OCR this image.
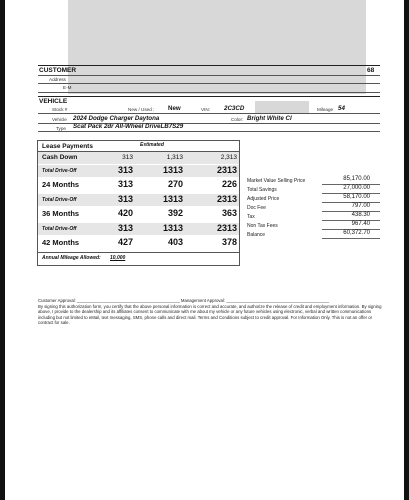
CUSTOMER	68
Address
E-M
VEHICLE
Stock #	New / Used : New	VIN: 2C3CD	Mileage 54
Vehicle 2024 Dodge Charger Daytona	Color: Bright White Cl
Type Scat Pack 2dr All-Wheel DriveLB7S29
Lease Payments	Estimated
Cash Down	313	1,313	2,313
Total Drive-Off	313	1313	2313
24 Months	313	270	226
Total Drive-Off	313	1313	2313
36 Months	420	392	363
Total Drive-Off	313	1313	2313
42 Months	427	403	378
Annual Mileage Allowed: 10,000
Market Value Selling Price	85,170.00
Total Savings	27,000.00
Adjusted Price	58,170.00
Doc Fee	797.00
Tax	438.30
Non Tax Fees	967.40
Balance	60,372.70
Customer Approval: ___________________________________________ Management Approval: ___________________________________________
By signing this authorization form, you certify that the above personal information is correct and accurate, and authorize the release of credit and employment information. By signing above, I provide to the dealership and its affiliates consent to communicate with me about my vehicle or any future vehicles using electronic, verbal and written communications including but not limited to eMail, text messaging, SMS, phone calls and direct mail. Terms and Conditions subject to credit approval. For Information Only. This is not an offer or contract for sale.
